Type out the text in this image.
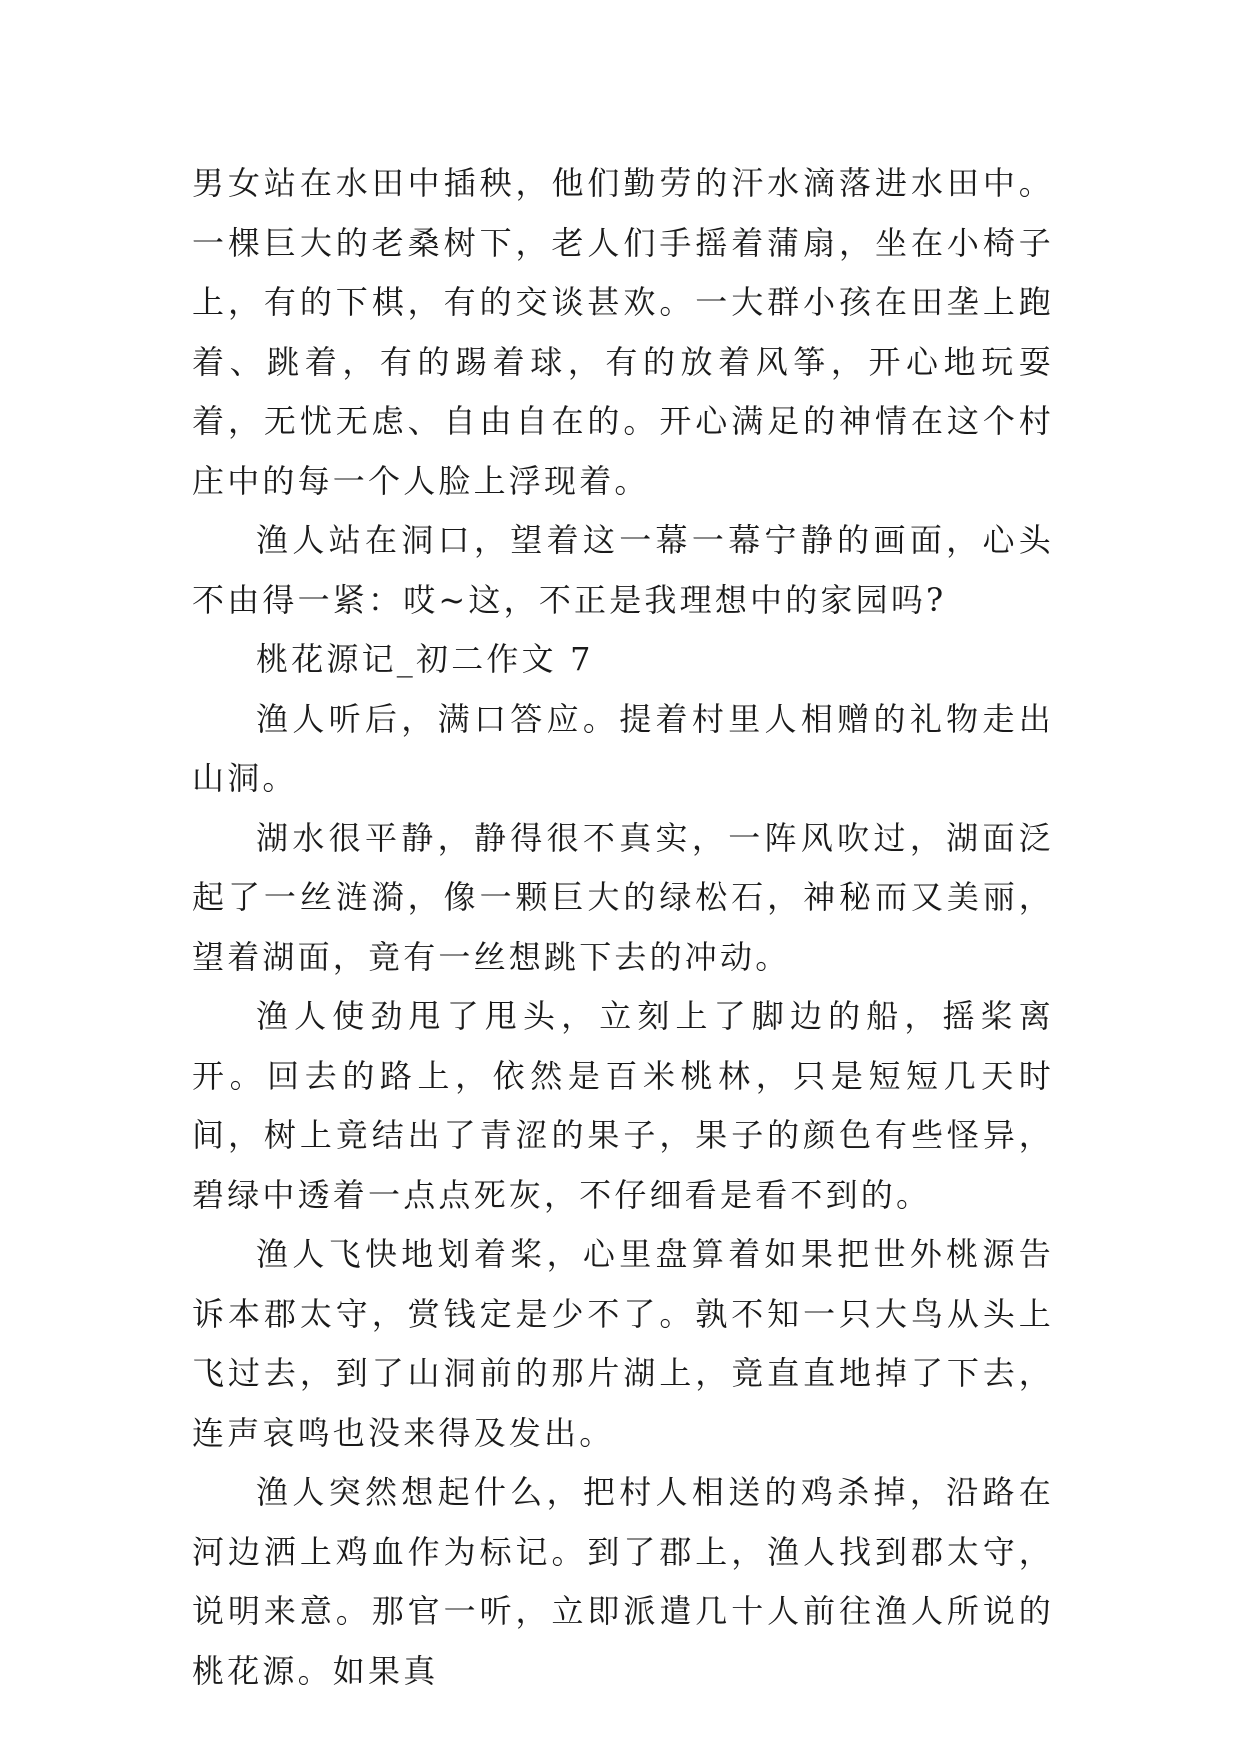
男女站在水田中插秧，他们勤劳的汗水滴落进水田中。一棵巨大的老桑树下，老人们手摇着蒲扇，坐在小椅子上，有的下棋，有的交谈甚欢。一大群小孩在田垄上跑着、跳着，有的踢着球，有的放着风筝，开心地玩耍着，无忧无虑、自由自在的。开心满足的神情在这个村庄中的每一个人脸上浮现着。

渔人站在洞口，望着这一幕一幕宁静的画面，心头不由得一紧：哎~这，不正是我理想中的家园吗?

桃花源记_初二作文 7

渔人听后，满口答应。提着村里人相赠的礼物走出山洞。

湖水很平静，静得很不真实，一阵风吹过，湖面泛起了一丝涟漪，像一颗巨大的绿松石，神秘而又美丽，望着湖面，竟有一丝想跳下去的冲动。

渔人使劲甩了甩头，立刻上了脚边的船，摇桨离开。回去的路上，依然是百米桃林，只是短短几天时间，树上竟结出了青涩的果子，果子的颜色有些怪异，碧绿中透着一点点死灰，不仔细看是看不到的。

渔人飞快地划着桨，心里盘算着如果把世外桃源告诉本郡太守，赏钱定是少不了。孰不知一只大鸟从头上飞过去，到了山洞前的那片湖上，竟直直地掉了下去，连声哀鸣也没来得及发出。

渔人突然想起什么，把村人相送的鸡杀掉，沿路在河边洒上鸡血作为标记。到了郡上，渔人找到郡太守，说明来意。那官一听，立即派遣几十人前往渔人所说的桃花源。如果真
